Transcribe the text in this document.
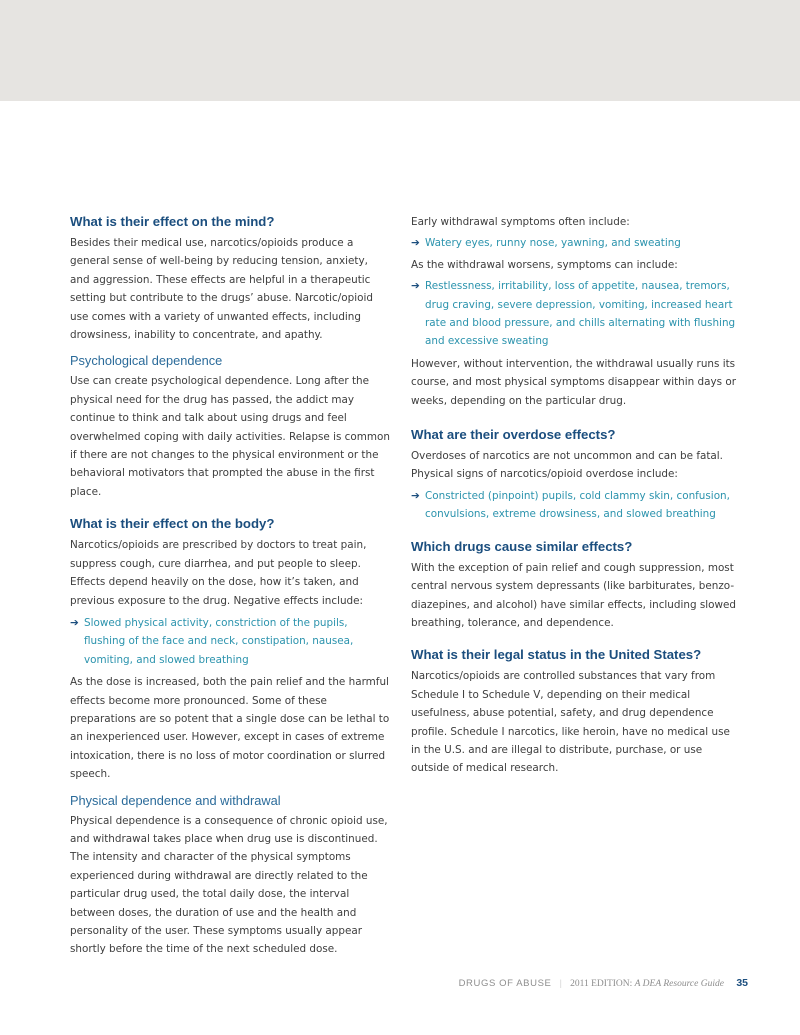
What is their effect on the mind?
Besides their medical use, narcotics/opioids produce a general sense of well-being by reducing tension, anxiety, and aggression. These effects are helpful in a therapeutic setting but contribute to the drugs’ abuse. Narcotic/opioid use comes with a variety of unwanted effects, including drowsiness, inability to concentrate, and apathy.
Psychological dependence
Use can create psychological dependence. Long after the physical need for the drug has passed, the addict may continue to think and talk about using drugs and feel overwhelmed coping with daily activities. Relapse is common if there are not changes to the physical environment or the behavioral motivators that prompted the abuse in the first place.
What is their effect on the body?
Narcotics/opioids are prescribed by doctors to treat pain, suppress cough, cure diarrhea, and put people to sleep. Effects depend heavily on the dose, how it’s taken, and previous exposure to the drug. Negative effects include:
➔ Slowed physical activity, constriction of the pupils, flushing of the face and neck, constipation, nausea, vomiting, and slowed breathing
As the dose is increased, both the pain relief and the harmful effects become more pronounced. Some of these preparations are so potent that a single dose can be lethal to an inexperienced user. However, except in cases of extreme intoxication, there is no loss of motor coordination or slurred speech.
Physical dependence and withdrawal
Physical dependence is a consequence of chronic opioid use, and withdrawal takes place when drug use is discontinued. The intensity and character of the physical symptoms experienced during withdrawal are directly related to the particular drug used, the total daily dose, the interval between doses, the duration of use and the health and personality of the user. These symptoms usually appear shortly before the time of the next scheduled dose.
Early withdrawal symptoms often include:
➔ Watery eyes, runny nose, yawning, and sweating
As the withdrawal worsens, symptoms can include:
➔ Restlessness, irritability, loss of appetite, nausea, tremors, drug craving, severe depression, vomiting, increased heart rate and blood pressure, and chills alternating with flushing and excessive sweating
However, without intervention, the withdrawal usually runs its course, and most physical symptoms disappear within days or weeks, depending on the particular drug.
What are their overdose effects?
Overdoses of narcotics are not uncommon and can be fatal. Physical signs of narcotics/opioid overdose include:
➔ Constricted (pinpoint) pupils, cold clammy skin, confusion, convulsions, extreme drowsiness, and slowed breathing
Which drugs cause similar effects?
With the exception of pain relief and cough suppression, most central nervous system depressants (like barbiturates, benzo-diazepines, and alcohol) have similar effects, including slowed breathing, tolerance, and dependence.
What is their legal status in the United States?
Narcotics/opioids are controlled substances that vary from Schedule I to Schedule V, depending on their medical usefulness, abuse potential, safety, and drug dependence profile. Schedule I narcotics, like heroin, have no medical use in the U.S. and are illegal to distribute, purchase, or use outside of medical research.
DRUGS OF ABUSE | 2011 EDITION: A DEA Resource Guide 35
